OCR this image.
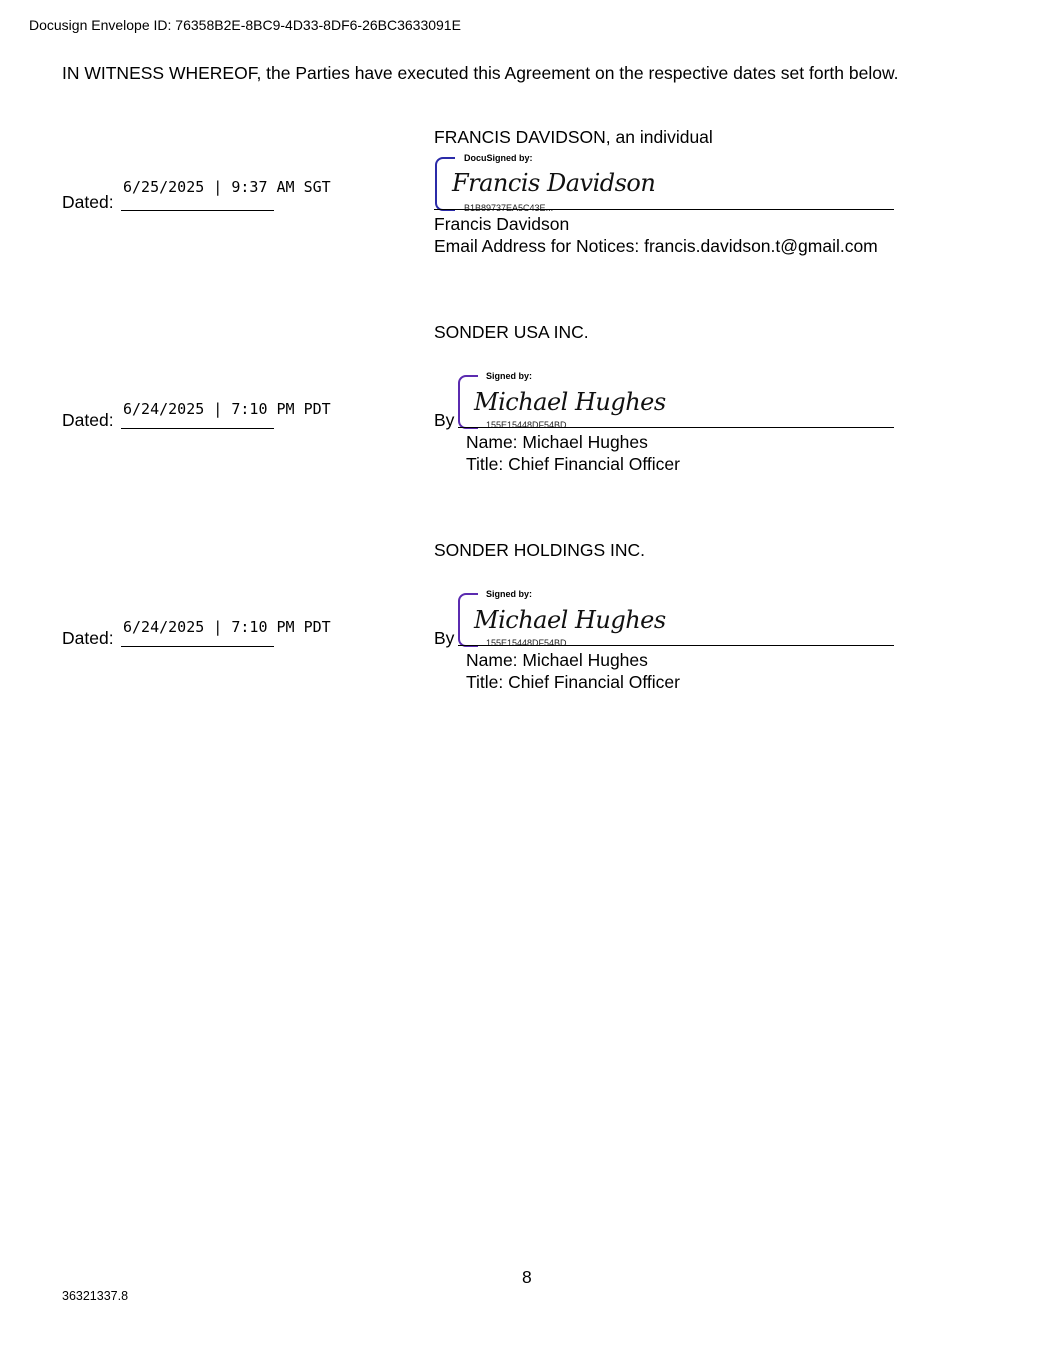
Docusign Envelope ID: 76358B2E-8BC9-4D33-8DF6-26BC3633091E
IN WITNESS WHEREOF, the Parties have executed this Agreement on the respective dates set forth below.
FRANCIS DAVIDSON, an individual
Dated:
6/25/2025 | 9:37 AM SGT
DocuSigned by:
Francis Davidson
B1B89737EA5C43E...
Francis Davidson
Email Address for Notices: francis.davidson.t@gmail.com
SONDER USA INC.
Dated:
6/24/2025 | 7:10 PM PDT
By
Signed by:
Michael Hughes
155E15448DF54BD...
Name: Michael Hughes
Title: Chief Financial Officer
SONDER HOLDINGS INC.
Dated:
6/24/2025 | 7:10 PM PDT
By
Signed by:
Michael Hughes
155E15448DF54BD...
Name: Michael Hughes
Title: Chief Financial Officer
8
36321337.8
